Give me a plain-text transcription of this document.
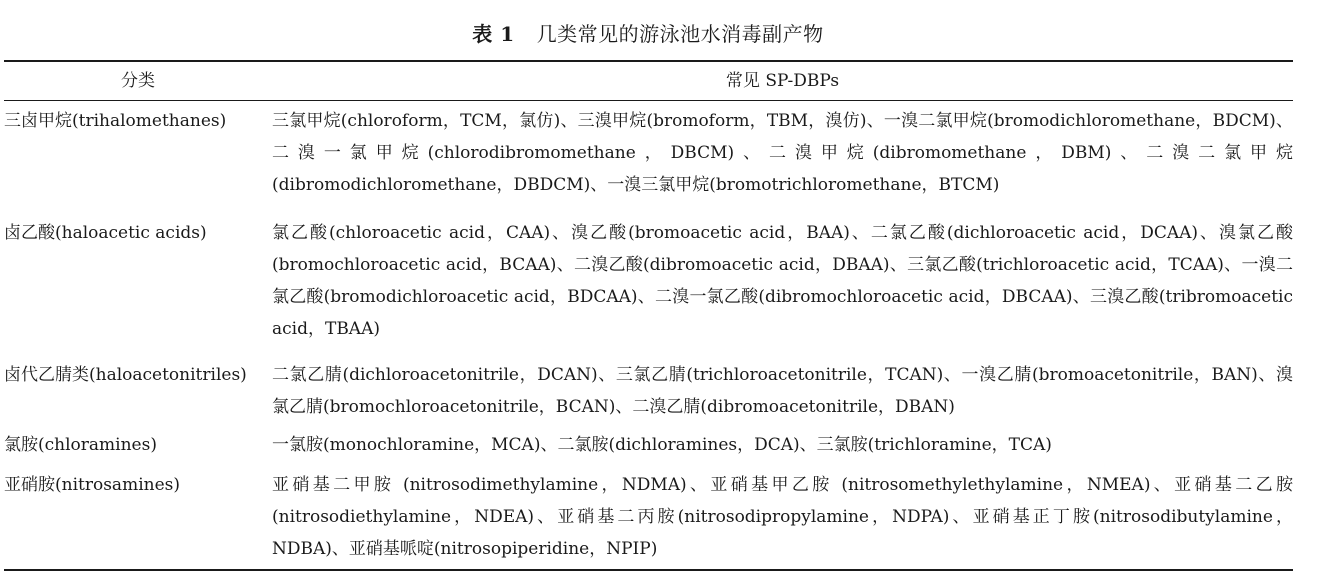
表 1 几类常见的游泳池水消毒副产物
分类	常见 SP-DBPs
三卤甲烷(trihalomethanes)	三氯甲烷(chloroform，TCM，氯仿)、三溴甲烷(bromoform，TBM，溴仿)、一溴二氯甲烷(bromodichloromethane，BDCM)、二溴一氯甲烷(chlorodibromomethane，DBCM)、二溴甲烷(dibromomethane，DBM)、二溴二氯甲烷(dibromodichloromethane，DBDCM)、一溴三氯甲烷(bromotrichloromethane，BTCM)
卤乙酸(haloacetic acids)	氯乙酸(chloroacetic acid，CAA)、溴乙酸(bromoacetic acid，BAA)、二氯乙酸(dichloroacetic acid，DCAA)、溴氯乙酸(bromochloroacetic acid，BCAA)、二溴乙酸(dibromoacetic acid，DBAA)、三氯乙酸(trichloroacetic acid，TCAA)、一溴二氯乙酸(bromodichloroacetic acid，BDCAA)、二溴一氯乙酸(dibromochloroacetic acid，DBCAA)、三溴乙酸(tribromoacetic acid，TBAA)
卤代乙腈类(haloacetonitriles)	二氯乙腈(dichloroacetonitrile，DCAN)、三氯乙腈(trichloroacetonitrile，TCAN)、一溴乙腈(bromoacetonitrile，BAN)、溴氯乙腈(bromochloroacetonitrile，BCAN)、二溴乙腈(dibromoacetonitrile，DBAN)
氯胺(chloramines)	一氯胺(monochloramine，MCA)、二氯胺(dichloramines，DCA)、三氯胺(trichloramine，TCA)
亚硝胺(nitrosamines)	亚硝基二甲胺 (nitrosodimethylamine，NDMA)、亚硝基甲乙胺 (nitrosomethylethylamine，NMEA)、亚硝基二乙胺(nitrosodiethylamine，NDEA)、亚硝基二丙胺(nitrosodipropylamine，NDPA)、亚硝基正丁胺(nitrosodibutylamine，NDBA)、亚硝基哌啶(nitrosopiperidine，NPIP)
